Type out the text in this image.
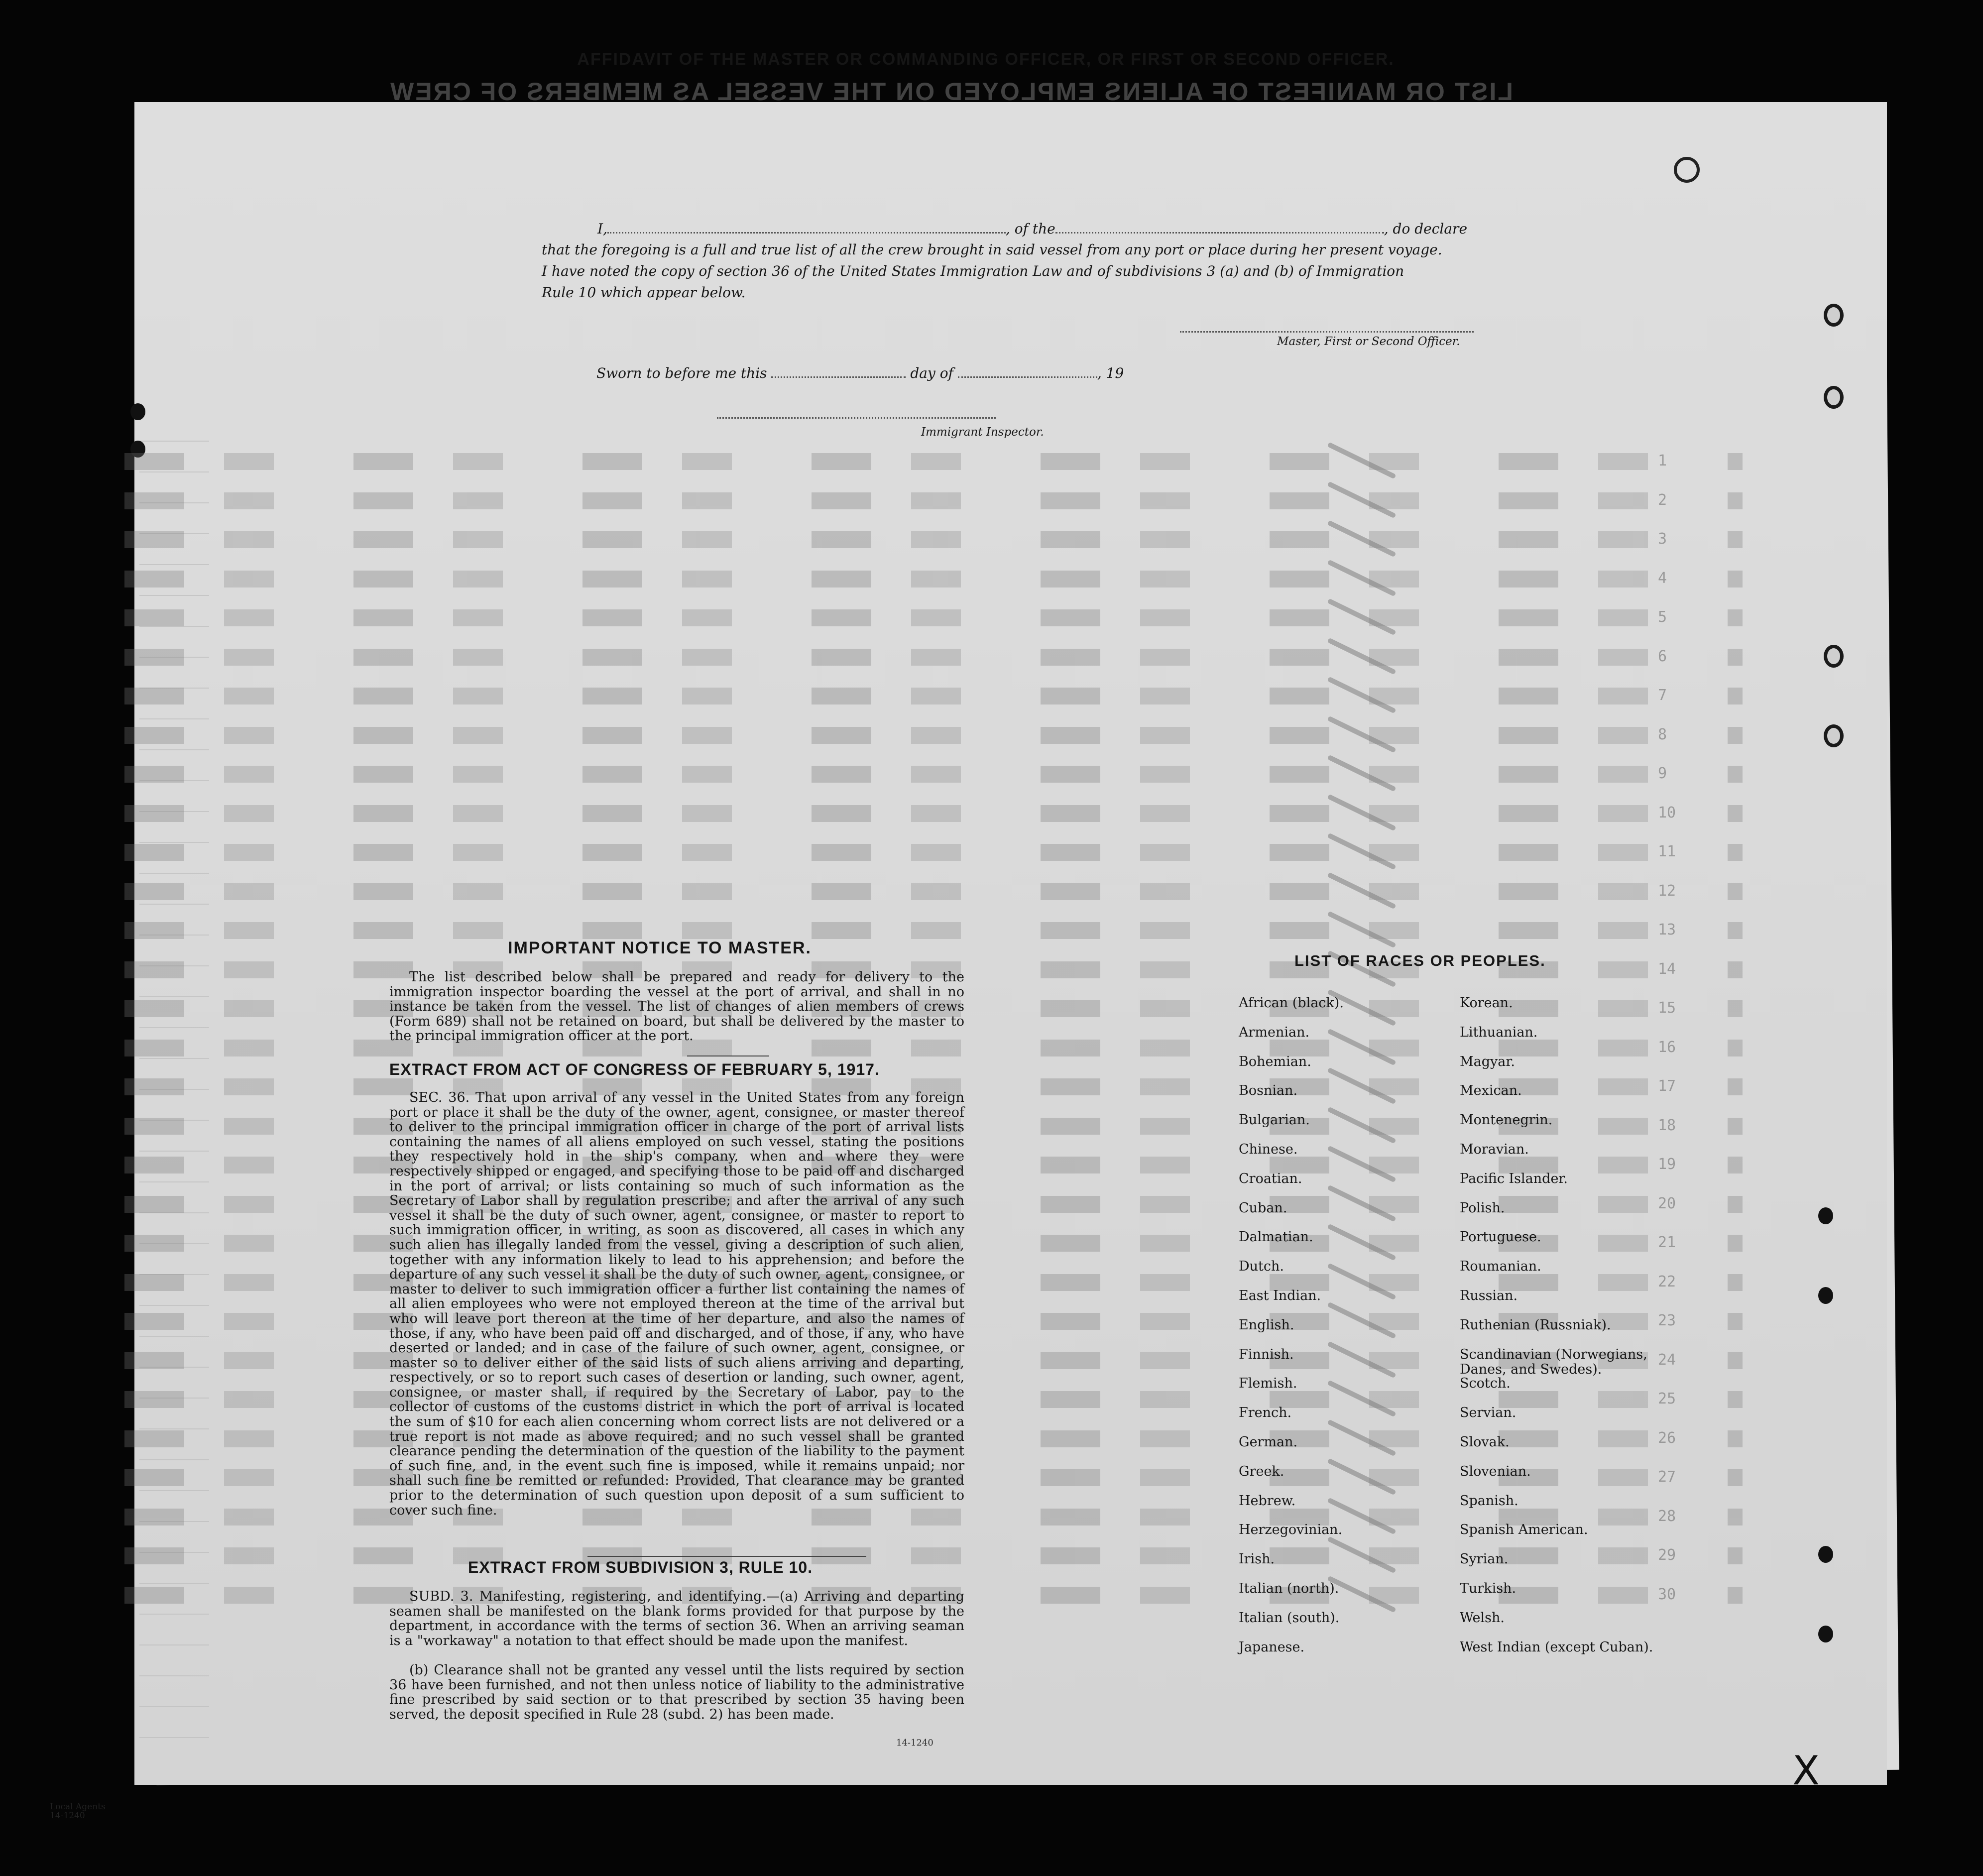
LIST OR MANIFEST OF ALIENS EMPLOYED ON THE VESSEL AS MEMBERS OF CREW
1
2
3
4
5
6
7
8
9
10
11
12
13
14
15
16
17
18
19
20
21
22
23
24
25
26
27
28
29
30
AFFIDAVIT OF THE MASTER OR COMMANDING OFFICER, OR FIRST OR SECOND OFFICER.
I,	, of the	, do declare
that the foregoing is a full and true list of all the crew brought in said vessel from any port or place during her present voyage.
I have noted the copy of section 36 of the United States Immigration Law and of subdivisions 3 (a) and (b) of Immigration
Rule 10 which appear below.
Master, First or Second Officer.
Sworn to before me this	day of	, 19
Immigrant Inspector.
IMPORTANT NOTICE TO MASTER.

The list described below shall be prepared and ready for delivery to the immigration inspector boarding the vessel at the port of arrival, and shall in no instance be taken from the vessel. The list of changes of alien members of crews (Form 689) shall not be retained on board, but shall be delivered by the master to the principal immigration officer at the port.

EXTRACT FROM ACT OF CONGRESS OF FEBRUARY 5, 1917.

SEC. 36. That upon arrival of any vessel in the United States from any foreign port or place it shall be the duty of the owner, agent, consignee, or master thereof to deliver to the principal immigration officer in charge of the port of arrival lists containing the names of all aliens employed on such vessel, stating the positions they respectively hold in the ship's company, when and where they were respectively shipped or engaged, and specifying those to be paid off and discharged in the port of arrival; or lists containing so much of such information as the Secretary of Labor shall by regulation prescribe; and after the arrival of any such vessel it shall be the duty of such owner, agent, consignee, or master to report to such immigration officer, in writing, as soon as discovered, all cases in which any such alien has illegally landed from the vessel, giving a description of such alien, together with any information likely to lead to his apprehension; and before the departure of any such vessel it shall be the duty of such owner, agent, consignee, or master to deliver to such immigration officer a further list containing the names of all alien employees who were not employed thereon at the time of the arrival but who will leave port thereon at the time of her departure, and also the names of those, if any, who have been paid off and discharged, and of those, if any, who have deserted or landed; and in case of the failure of such owner, agent, consignee, or master so to deliver either of the said lists of such aliens arriving and departing, respectively, or so to report such cases of desertion or landing, such owner, agent, consignee, or master shall, if required by the Secretary of Labor, pay to the collector of customs of the customs district in which the port of arrival is located the sum of $10 for each alien concerning whom correct lists are not delivered or a true report is not made as above required; and no such vessel shall be granted clearance pending the determination of the question of the liability to the payment of such fine, and, in the event such fine is imposed, while it remains unpaid; nor shall such fine be remitted or refunded: Provided, That clearance may be granted prior to the determination of such question upon deposit of a sum sufficient to cover such fine.

EXTRACT FROM SUBDIVISION 3, RULE 10.

SUBD. 3. Manifesting, registering, and identifying.—(a) Arriving and departing seamen shall be manifested on the blank forms provided for that purpose by the department, in accordance with the terms of section 36. When an arriving seaman is a "workaway" a notation to that effect should be made upon the manifest.

(b) Clearance shall not be granted any vessel until the lists required by section 36 have been furnished, and not then unless notice of liability to the administrative fine prescribed by said section or to that prescribed by section 35 having been served, the deposit specified in Rule 28 (subd. 2) has been made.

14-1240
LIST OF RACES OR PEOPLES.
African (black).
Armenian.
Bohemian.
Bosnian.
Bulgarian.
Chinese.
Croatian.
Cuban.
Dalmatian.
Dutch.
East Indian.
English.
Finnish.
Flemish.
French.
German.
Greek.
Hebrew.
Herzegovinian.
Irish.
Italian (north).
Italian (south).
Japanese.
Korean.
Lithuanian.
Magyar.
Mexican.
Montenegrin.
Moravian.
Pacific Islander.
Polish.
Portuguese.
Roumanian.
Russian.
Ruthenian (Russniak).
Scandinavian (Norwegians, Danes, and Swedes).
Scotch.
Servian.
Slovak.
Slovenian.
Spanish.
Spanish American.
Syrian.
Turkish.
Welsh.
West Indian (except Cuban).
Local Agents
14-1240
X
